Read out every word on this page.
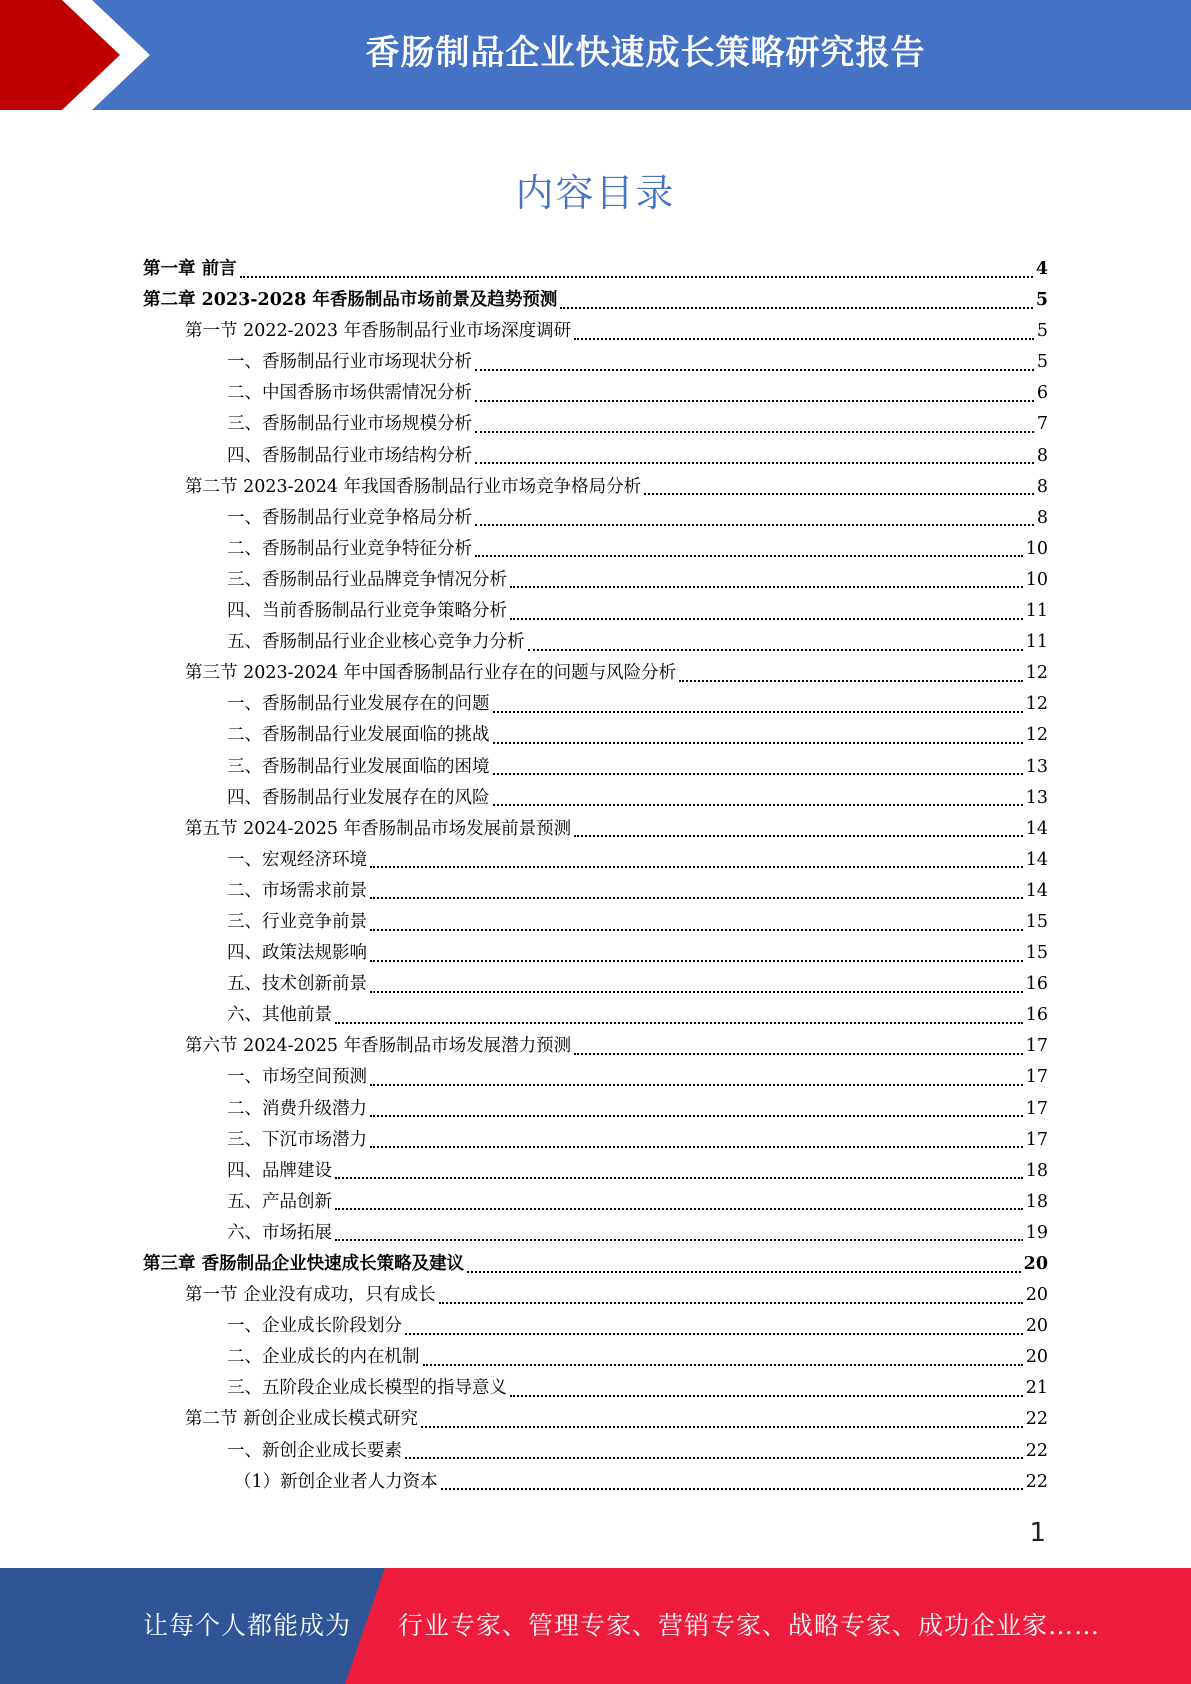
香肠制品企业快速成长策略研究报告
内容目录
第一章 前言	4
第二章 2023-2028 年香肠制品市场前景及趋势预测	5
第一节 2022-2023 年香肠制品行业市场深度调研	5
一、香肠制品行业市场现状分析	5
二、中国香肠市场供需情况分析	6
三、香肠制品行业市场规模分析	7
四、香肠制品行业市场结构分析	8
第二节 2023-2024 年我国香肠制品行业市场竞争格局分析	8
一、香肠制品行业竞争格局分析	8
二、香肠制品行业竞争特征分析	10
三、香肠制品行业品牌竞争情况分析	10
四、当前香肠制品行业竞争策略分析	11
五、香肠制品行业企业核心竞争力分析	11
第三节 2023-2024 年中国香肠制品行业存在的问题与风险分析	12
一、香肠制品行业发展存在的问题	12
二、香肠制品行业发展面临的挑战	12
三、香肠制品行业发展面临的困境	13
四、香肠制品行业发展存在的风险	13
第五节 2024-2025 年香肠制品市场发展前景预测	14
一、宏观经济环境	14
二、市场需求前景	14
三、行业竞争前景	15
四、政策法规影响	15
五、技术创新前景	16
六、其他前景	16
第六节 2024-2025 年香肠制品市场发展潜力预测	17
一、市场空间预测	17
二、消费升级潜力	17
三、下沉市场潜力	17
四、品牌建设	18
五、产品创新	18
六、市场拓展	19
第三章 香肠制品企业快速成长策略及建议	20
第一节 企业没有成功，只有成长	20
一、企业成长阶段划分	20
二、企业成长的内在机制	20
三、五阶段企业成长模型的指导意义	21
第二节 新创企业成长模式研究	22
一、新创企业成长要素	22
（1）新创企业者人力资本	22
1
让每个人都能成为 行业专家、管理专家、营销专家、战略专家、成功企业家……
